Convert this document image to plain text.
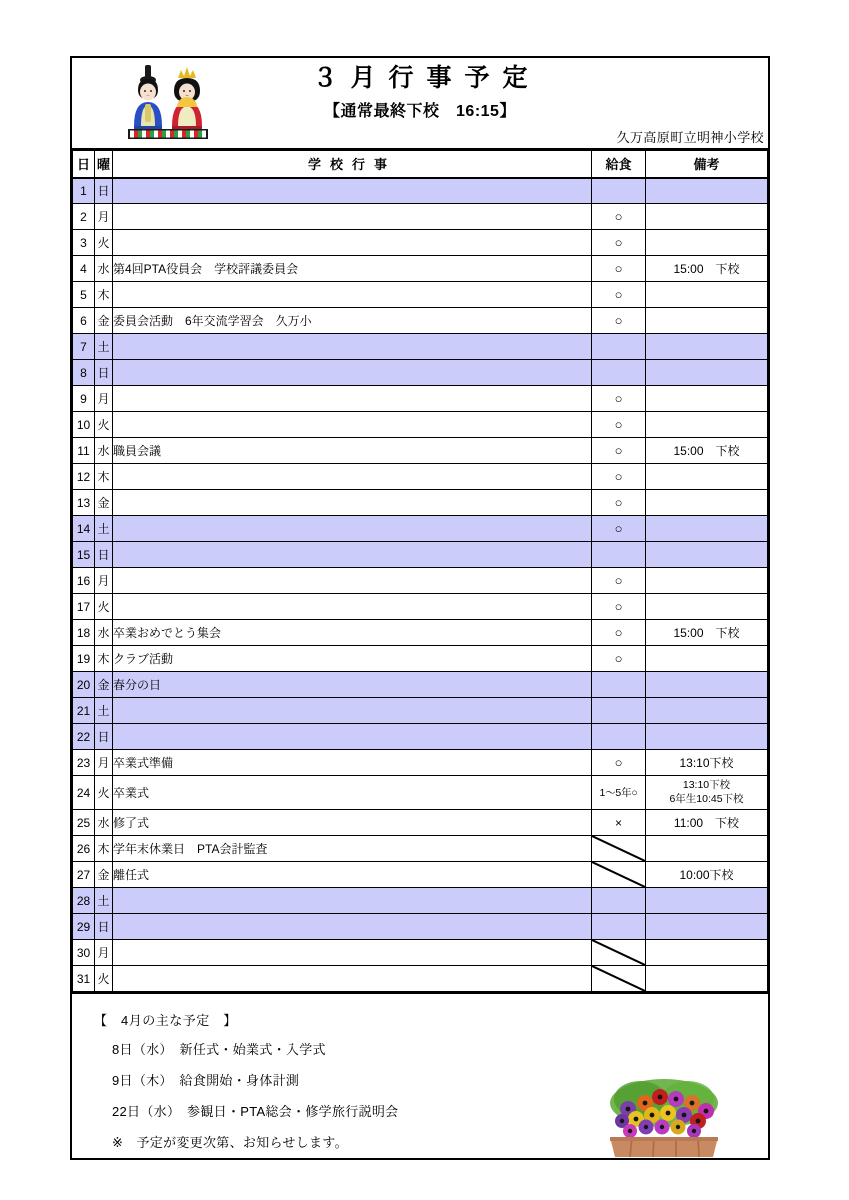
３月行事予定
【通常最終下校　16:15】
久万高原町立明神小学校
日	曜	学校行事	給食	備考
1	日			
2	月		○	
3	火		○	
4	水	第4回PTA役員会　学校評議委員会	○	15:00　下校
5	木		○	
6	金	委員会活動　6年交流学習会　久万小	○	
7	土			
8	日			
9	月		○	
10	火		○	
11	水	職員会議	○	15:00　下校
12	木		○	
13	金		○	
14	土		○	
15	日			
16	月		○	
17	火		○	
18	水	卒業おめでとう集会	○	15:00　下校
19	木	クラブ活動	○	
20	金	春分の日		
21	土			
22	日			
23	月	卒業式準備	○	13:10下校
24	火	卒業式	1〜5年○	13:10下校
6年生10:45下校

25	水	修了式	×	11:00　下校
26	木	学年末休業日　PTA会計監査	

27	金	離任式		10:00下校
28	土			
29	日			
30	月		

31	火		

【　4月の主な予定　】
8日（水）　新任式・始業式・入学式
9日（木）　給食開始・身体計測
22日（水）　参観日・PTA総会・修学旅行説明会
※　予定が変更次第、お知らせします。
